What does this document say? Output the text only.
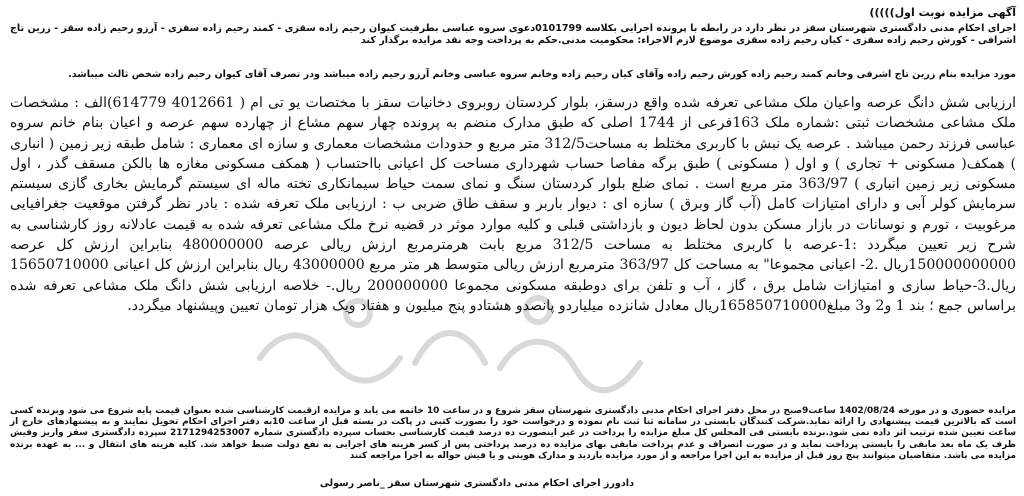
آگهی مزایده نوبت اول)))))
اجرای احکام مدنی دادگستری شهرستان سقز در نظر دارد در رابطه با پرونده اجرایی بکلاسه 0101799دعوی سروه عباسی بطرفیت کیوان رحیم زاده سقزی - کمند رحیم زاده سقزی - آرزو رحیم زاده سقز - زرین تاج اشرافی - کورش رحیم زاده سقزی - کیان رحیم زاده سقزی موضوع لازم الاجراء: محکومیت مدنی.حکم به پرداخت وجه نقد مزایده برگذار کند
مورد مزایده بنام زرین تاج اشرفی وخانم کمند رحیم زاده کورش رحیم زاده وآقای کیان رحیم زاده وخانم سروه عباسی وخانم آرزو رحیم زاده میباشد ودر تصرف آقای کیوان رحیم زاده شخص ثالث میباشد.
ارزیابی شش دانگ عرصه واعیان ملک مشاعی تعرفه شده واقع درسقز، بلوار کردستان روبروی دخانیات سقز با مختصات یو تی ام ( 4012661 614779)الف : مشخصات ملک مشاعی مشخصات ثبتی :شماره ملک 163فرعی از 1744 اصلی که طبق مدارک منضم به پرونده چهار سهم مشاع از چهارده سهم عرصه و اعیان بنام خانم سروه عباسی فرزند رحمن میباشد . عرصه یک نبش با کاربری مختلط به مساحت312/5 متر مربع و حدودات مشخصات معماری و سازه ای معماری : شامل طبقه زیر زمین ( انباری ) همکف( مسکونی + تجاری ) و اول ( مسکونی ) طبق برگه مفاصا حساب شهرداری مساحت کل اعیانی بااحتساب ( همکف مسکونی مغازه ها بالکن مسقف گذر ، اول مسکونی زیر زمین انباری ) 363/97 متر مربع است . نمای ضلع بلوار کردستان سنگ و نمای سمت حیاط سیمانکاری تخته ماله ای سیستم گرمایش بخاری گازی سیستم سرمایش کولر آبی و دارای امتیازات کامل (آب گاز وبرق ) سازه ای : دیوار باربر و سقف طاق ضربی ب : ارزیابی ملک تعرفه شده : بادر نظر گرفتن موقعیت جغرافیایی مرغوبیت ، تورم و نوسانات در بازار مسکن بدون لحاظ دیون و بازداشتی قبلی و کلیه موارد موثر در قضیه نرخ ملک مشاعی تعرفه شده به قیمت عادلانه روز کارشناسی به شرح زیر تعیین میگردد :1-عرصه با کاربری مختلط به مساحت 312/5 مربع بابت هرمترمربع ارزش ریالی عرصه 480000000 بنابراین ارزش کل عرصه 150000000000ریال .2- اعیانی مجموعا" به مساحت کل 363/97 مترمربع ارزش ریالی متوسط هر متر مربع 43000000 ریال بنابراین ارزش کل اعیانی 15650710000 ریال.3-حیاط سازی و امتیازات شامل برق ، گاز ، آب و تلفن برای دوطبقه مسکونی مجموعا 200000000 ریال.- خلاصه ارزیابی شش دانگ ملک مشاعی تعرفه شده براساس جمع ؛ بند 1 و2 و3 مبلغ165850710000ریال معادل شانزده میلیاردو پانصدو هشتادو پنج میلیون و هفتاد ویک هزار تومان تعیین وپیشنهاد میگردد.
مزایده حضوری و در مورخه 1402/08/24 ساعت9صبح در محل دفتر اجرای احکام مدنی دادگستری شهرستان سقز شروع و در ساعت 10 خاتمه می یابد و مزایده ازقیمت کارشناسی شده بعنوان قیمت پایه شروع می شود وبرنده کسی است که بالاترین قیمت پیشنهادی را ارائه نماید.شرکت کنندگان بایستی در سامانه ثنا ثبت نام نموده و درخواست خود را بصورت کتبی در پاکت در بسته قبل از ساعت 10به دفتر اجرای احکام تحویل نمایند و به پیشنهادهای خارج از ساعت تعیین شده ترتیب اثر داده نمی شود.برنده بایستی فی المجلس کل مبلغ مزایده را پرداخت در غیر اینصورت ده درصد قیمت کارشناسی بحساب سپرده دادگستری شماره 2171294253007 سپرده دادگستری سقز واریز وفیش ظرف یک ماه بعد مابقی را بایستی پرداخت نماید و در صورت انصراف و عدم پرداخت مابقی بهای مزایده ده درصد پرداختی پس از کسر هزینه های اجرایی به نفع دولت ضبط خواهد شد. کلیه هزینه های انتقال و ... به عهده برنده مزایده می باشد. متقاضیان میتوانند پنج روز قبل از مزایده به این اجرا مراجعه و از مورد مزایده بازدید و مدارک هویتی و یا فیش حواله به اجرا مراجعه کنند
دادورز اجرای احکام مدنی دادگستری شهرستان سقز _ناصر رسولی
